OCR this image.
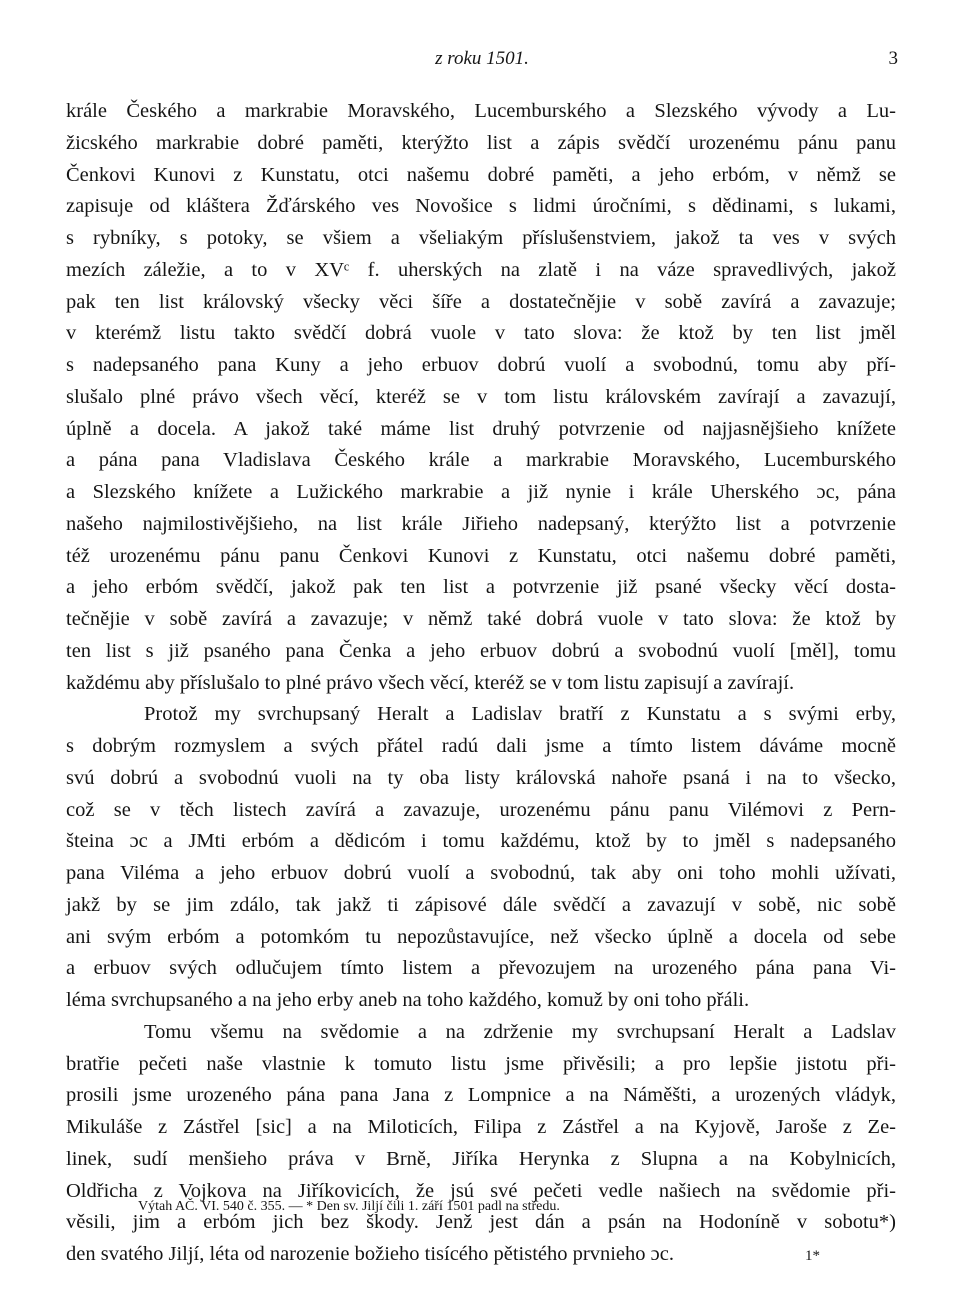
z roku 1501.	3
krále Českého a markrabie Moravského, Lucemburského a Slezského vývody a Lu-
žicského markrabie dobré paměti, kterýžto list a zápis svědčí urozenému pánu panu
Čenkovi Kunovi z Kunstatu, otci našemu dobré paměti, a jeho erbóm, v němž se
zapisuje od kláštera Žďárského ves Novošice s lidmi úročními, s dědinami, s lukami,
s rybníky, s potoky, se všiem a všeliakým příslušenstviem, jakož ta ves v svých
mezích záležie, a to v XVᶜ f. uherských na zlatě i na váze spravedlivých, jakož
pak ten list královský všecky věci šíře a dostatečnějie v sobě zavírá a zavazuje;
v kterémž listu takto svědčí dobrá vuole v tato slova: že ktož by ten list jměl
s nadepsaného pana Kuny a jeho erbuov dobrú vuolí a svobodnú, tomu aby pří-
slušalo plné právo všech věcí, kteréž se v tom listu královském zavírají a zavazují,
úplně a docela. A jakož také máme list druhý potvrzenie od najjasnějšieho knížete
a pána pana Vladislava Českého krále a markrabie Moravského, Lucemburského
a Slezského knížete a Lužického markrabie a již nynie i krále Uherského ɔc, pána
našeho najmilostivějšieho, na list krále Jiřieho nadepsaný, kterýžto list a potvrzenie
též urozenému pánu panu Čenkovi Kunovi z Kunstatu, otci našemu dobré paměti,
a jeho erbóm svědčí, jakož pak ten list a potvrzenie již psané všecky věcí dosta-
tečnějie v sobě zavírá a zavazuje; v němž také dobrá vuole v tato slova: že ktož by
ten list s již psaného pana Čenka a jeho erbuov dobrú a svobodnú vuolí [měl], tomu
každému aby příslušalo to plné právo všech věcí, kteréž se v tom listu zapisují a zavírají.
Protož my svrchupsaný Heralt a Ladislav bratří z Kunstatu a s svými erby,
s dobrým rozmyslem a svých přátel radú dali jsme a tímto listem dáváme mocně
svú dobrú a svobodnú vuoli na ty oba listy královská nahoře psaná i na to všecko,
což se v těch listech zavírá a zavazuje, urozenému pánu panu Vilémovi z Pern-
šteina ɔc a JMti erbóm a dědicóm i tomu každému, ktož by to jměl s nadepsaného
pana Viléma a jeho erbuov dobrú vuolí a svobodnú, tak aby oni toho mohli užívati,
jakž by se jim zdálo, tak jakž ti zápisové dále svědčí a zavazují v sobě, nic sobě
ani svým erbóm a potomkóm tu nepozůstavujíce, než všecko úplně a docela od sebe
a erbuov svých odlučujem tímto listem a převozujem na urozeného pána pana Vi-
léma svrchupsaného a na jeho erby aneb na toho každého, komuž by oni toho přáli.
Tomu všemu na svědomie a na zdrženie my svrchupsaní Heralt a Ladslav
bratřie pečeti naše vlastnie k tomuto listu jsme přivěsili; a pro lepšie jistotu při-
prosili jsme urozeného pána pana Jana z Lompnice a na Náměšti, a urozených vládyk,
Mikuláše z Zástřel [sic] a na Miloticích, Filipa z Zástřel a na Kyjově, Jaroše z Ze-
linek, sudí menšieho práva v Brně, Jiříka Herynka z Slupna a na Kobylnicích,
Oldřicha z Vojkova na Jiříkovicích, že jsú své pečeti vedle našiech na svědomie při-
věsili, jim a erbóm jich bez škody. Jenž jest dán a psán na Hodoníně v sobotu*)
den svatého Jiljí, léta od narozenie božieho tisícého pětistého prvnieho ɔc.
Výtah AČ. VI. 540 č. 355. — * Den sv. Jiljí čili 1. září 1501 padl na středu.
1*
